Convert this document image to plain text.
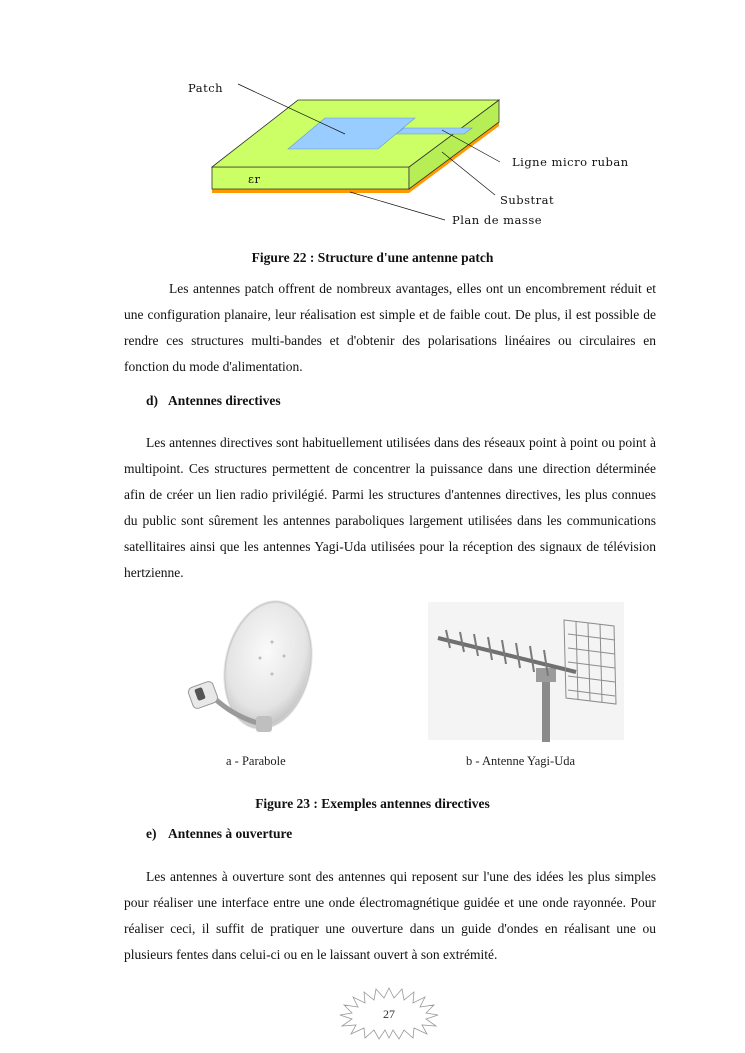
Patch
Ligne micro ruban
Substrat
Plan de masse
εr
Figure 22 : Structure d'une antenne patch

Les antennes patch offrent de nombreux avantages, elles ont un encombrement réduit et une configuration planaire, leur réalisation est simple et de faible cout. De plus, il est possible de rendre ces structures multi-bandes et d'obtenir des polarisations linéaires ou circulaires en fonction du mode d'alimentation.

d) Antennes directives

Les antennes directives sont habituellement utilisées dans des réseaux point à point ou point à multipoint. Ces structures permettent de concentrer la puissance dans une direction déterminée afin de créer un lien radio privilégié. Parmi les structures d'antennes directives, les plus connues du public sont sûrement les antennes paraboliques largement utilisées dans les communications satellitaires ainsi que les antennes Yagi-Uda utilisées pour la réception des signaux de télévision hertzienne.

a - Parabole	b - Antenne Yagi-Uda
Figure 23 : Exemples antennes directives
e) Antennes à ouverture

Les antennes à ouverture sont des antennes qui reposent sur l'une des idées les plus simples pour réaliser une interface entre une onde électromagnétique guidée et une onde rayonnée. Pour réaliser ceci, il suffit de pratiquer une ouverture dans un guide d'ondes en réalisant une ou plusieurs fentes dans celui-ci ou en le laissant ouvert à son extrémité.

27
